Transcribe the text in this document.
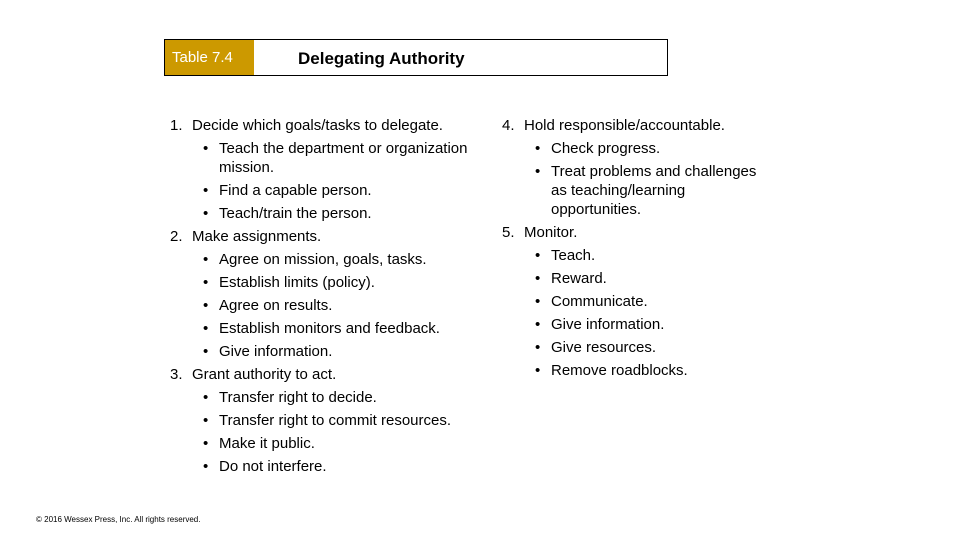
Table 7.4	Delegating Authority
1. Decide which goals/tasks to delegate.
• Teach the department or organization mission.
• Find a capable person.
• Teach/train the person.
2. Make assignments.
• Agree on mission, goals, tasks.
• Establish limits (policy).
• Agree on results.
• Establish monitors and feedback.
• Give information.
3. Grant authority to act.
• Transfer right to decide.
• Transfer right to commit resources.
• Make it public.
• Do not interfere.
4. Hold responsible/accountable.
• Check progress.
• Treat problems and challenges as teaching/learning opportunities.
5. Monitor.
• Teach.
• Reward.
• Communicate.
• Give information.
• Give resources.
• Remove roadblocks.
© 2016 Wessex Press, Inc. All rights reserved.
